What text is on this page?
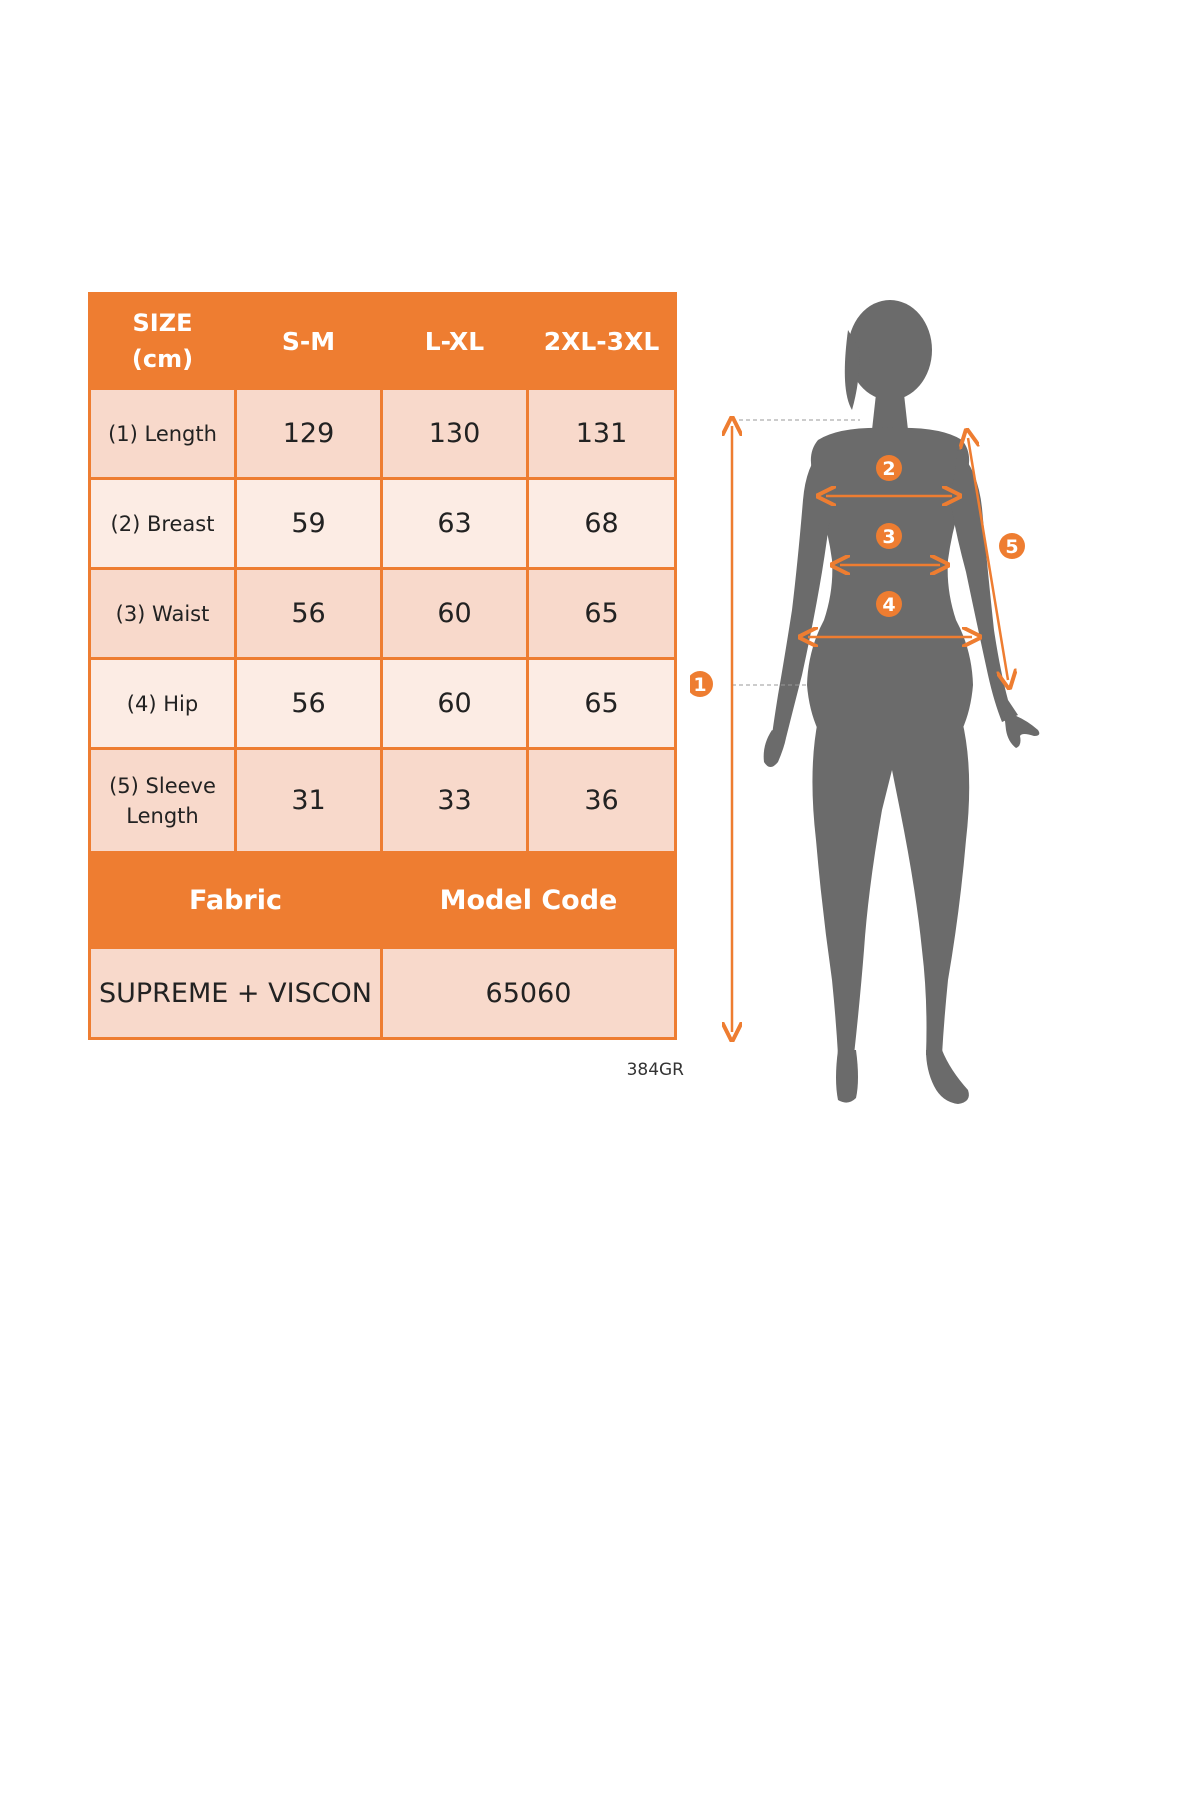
SIZE
(cm)	S-M	L-XL	2XL-3XL
(1) Length	129	130	131
(2) Breast	59	63	68
(3) Waist	56	60	65
(4) Hip	56	60	65

(5) Sleeve
Length	31	33	36
Fabric		Model Code	
SUPREME + VISCON		65060	
384GR
1
2
3
4
5
